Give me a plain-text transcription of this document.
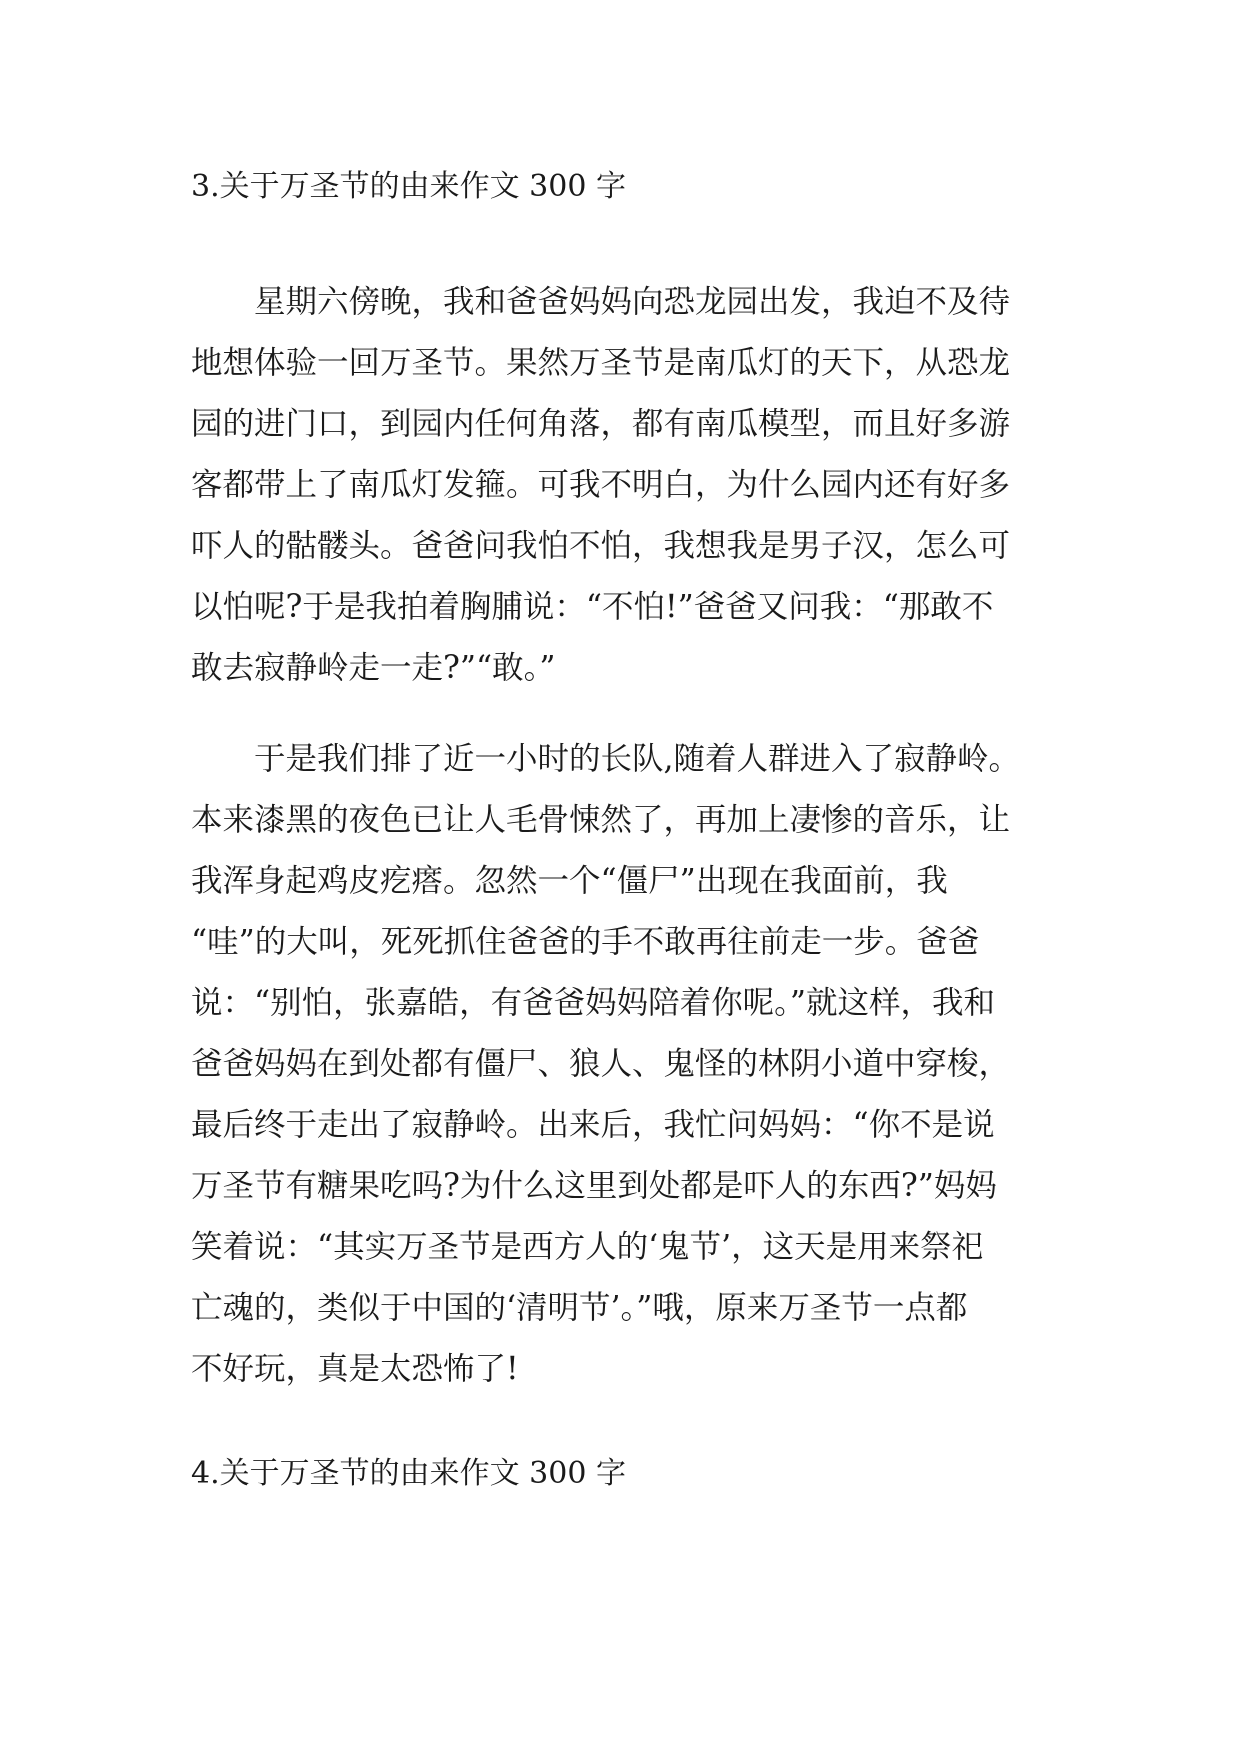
3.关于万圣节的由来作文 300 字

　　星期六傍晚，我和爸爸妈妈向恐龙园出发，我迫不及待
地想体验一回万圣节。果然万圣节是南瓜灯的天下，从恐龙
园的进门口，到园内任何角落，都有南瓜模型，而且好多游
客都带上了南瓜灯发箍。可我不明白，为什么园内还有好多
吓人的骷髅头。爸爸问我怕不怕，我想我是男子汉，怎么可
以怕呢?于是我拍着胸脯说：“不怕!”爸爸又问我：“那敢不
敢去寂静岭走一走?”“敢。”

　　于是我们排了近一小时的长队,随着人群进入了寂静岭。
本来漆黑的夜色已让人毛骨悚然了，再加上凄惨的音乐，让
我浑身起鸡皮疙瘩。忽然一个“僵尸”出现在我面前，我
“哇”的大叫，死死抓住爸爸的手不敢再往前走一步。爸爸
说：“别怕，张嘉皓，有爸爸妈妈陪着你呢。”就这样，我和
爸爸妈妈在到处都有僵尸、狼人、鬼怪的林阴小道中穿梭，
最后终于走出了寂静岭。出来后，我忙问妈妈：“你不是说
万圣节有糖果吃吗?为什么这里到处都是吓人的东西?”妈妈
笑着说：“其实万圣节是西方人的‘鬼节’，这天是用来祭祀
亡魂的，类似于中国的‘清明节’。”哦，原来万圣节一点都
不好玩，真是太恐怖了!

4.关于万圣节的由来作文 300 字
